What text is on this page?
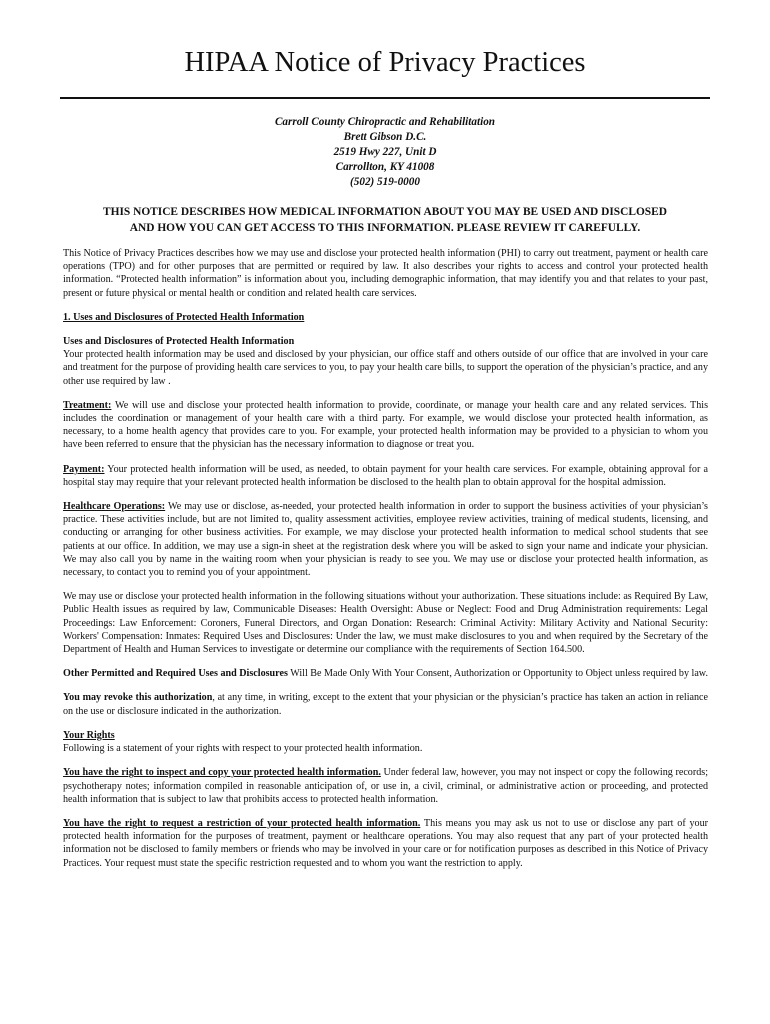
HIPAA Notice of Privacy Practices
Carroll County Chiropractic and Rehabilitation
Brett Gibson D.C.
2519 Hwy 227, Unit D
Carrollton, KY 41008
(502) 519-0000
THIS NOTICE DESCRIBES HOW MEDICAL INFORMATION ABOUT YOU MAY BE USED AND DISCLOSED
AND HOW YOU CAN GET ACCESS TO THIS INFORMATION. PLEASE REVIEW IT CAREFULLY.

This Notice of Privacy Practices describes how we may use and disclose your protected health information (PHI) to carry out treatment, payment or health care operations (TPO) and for other purposes that are permitted or required by law. It also describes your rights to access and control your protected health information. “Protected health information” is information about you, including demographic information, that may identify you and that relates to your past, present or future physical or mental health or condition and related health care services.

1. Uses and Disclosures of Protected Health Information

Uses and Disclosures of Protected Health Information
Your protected health information may be used and disclosed by your physician, our office staff and others outside of our office that are involved in your care and treatment for the purpose of providing health care services to you, to pay your health care bills, to support the operation of the physician’s practice, and any other use required by law .

Treatment: We will use and disclose your protected health information to provide, coordinate, or manage your health care and any related services. This includes the coordination or management of your health care with a third party. For example, we would disclose your protected health information, as necessary, to a home health agency that provides care to you. For example, your protected health information may be provided to a physician to whom you have been referred to ensure that the physician has the necessary information to diagnose or treat you.

Payment: Your protected health information will be used, as needed, to obtain payment for your health care services. For example, obtaining approval for a hospital stay may require that your relevant protected health information be disclosed to the health plan to obtain approval for the hospital admission.

Healthcare Operations: We may use or disclose, as-needed, your protected health information in order to support the business activities of your physician’s practice. These activities include, but are not limited to, quality assessment activities, employee review activities, training of medical students, licensing, and conducting or arranging for other business activities. For example, we may disclose your protected health information to medical school students that see patients at our office. In addition, we may use a sign-in sheet at the registration desk where you will be asked to sign your name and indicate your physician. We may also call you by name in the waiting room when your physician is ready to see you. We may use or disclose your protected health information, as necessary, to contact you to remind you of your appointment.

We may use or disclose your protected health information in the following situations without your authorization. These situations include: as Required By Law, Public Health issues as required by law, Communicable Diseases: Health Oversight: Abuse or Neglect: Food and Drug Administration requirements: Legal Proceedings: Law Enforcement: Coroners, Funeral Directors, and Organ Donation: Research: Criminal Activity: Military Activity and National Security: Workers' Compensation: Inmates: Required Uses and Disclosures: Under the law, we must make disclosures to you and when required by the Secretary of the Department of Health and Human Services to investigate or determine our compliance with the requirements of Section 164.500.

Other Permitted and Required Uses and Disclosures Will Be Made Only With Your Consent, Authorization or Opportunity to Object unless required by law.

You may revoke this authorization, at any time, in writing, except to the extent that your physician or the physician’s practice has taken an action in reliance on the use or disclosure indicated in the authorization.

Your Rights
Following is a statement of your rights with respect to your protected health information.

You have the right to inspect and copy your protected health information. Under federal law, however, you may not inspect or copy the following records; psychotherapy notes; information compiled in reasonable anticipation of, or use in, a civil, criminal, or administrative action or proceeding, and protected health information that is subject to law that prohibits access to protected health information.

You have the right to request a restriction of your protected health information. This means you may ask us not to use or disclose any part of your protected health information for the purposes of treatment, payment or healthcare operations. You may also request that any part of your protected health information not be disclosed to family members or friends who may be involved in your care or for notification purposes as described in this Notice of Privacy Practices. Your request must state the specific restriction requested and to whom you want the restriction to apply.
